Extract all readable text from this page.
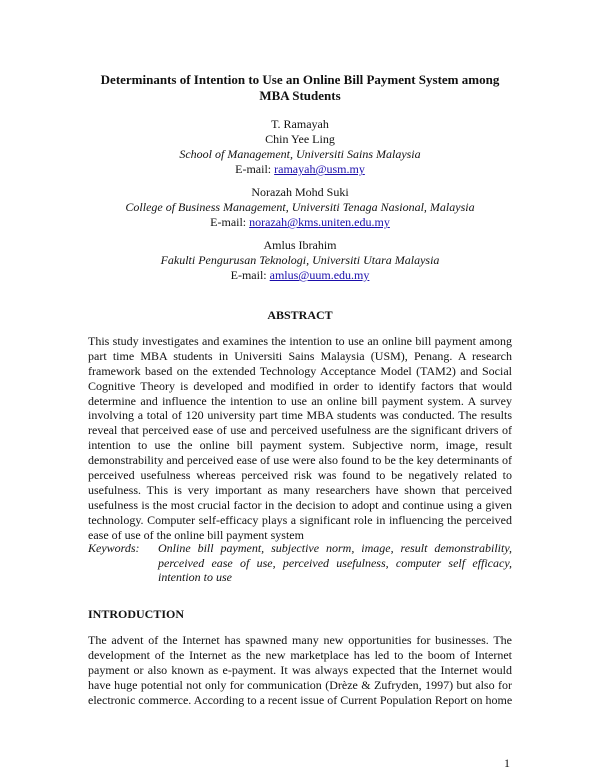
Determinants of Intention to Use an Online Bill Payment System among
MBA Students
T. Ramayah
Chin Yee Ling
School of Management, Universiti Sains Malaysia
E-mail: ramayah@usm.my
Norazah Mohd Suki
College of Business Management, Universiti Tenaga Nasional, Malaysia
E-mail: norazah@kms.uniten.edu.my
Amlus Ibrahim
Fakulti Pengurusan Teknologi, Universiti Utara Malaysia
E-mail: amlus@uum.edu.my
ABSTRACT
This study investigates and examines the intention to use an online bill payment among
part time MBA students in Universiti Sains Malaysia (USM), Penang. A research
framework based on the extended Technology Acceptance Model (TAM2) and Social
Cognitive Theory is developed and modified in order to identify factors that would
determine and influence the intention to use an online bill payment system. A survey
involving a total of 120 university part time MBA students was conducted. The results
reveal that perceived ease of use and perceived usefulness are the significant drivers of
intention to use the online bill payment system. Subjective norm, image, result
demonstrability and perceived ease of use were also found to be the key determinants of
perceived usefulness whereas perceived risk was found to be negatively related to
usefulness. This is very important as many researchers have shown that perceived
usefulness is the most crucial factor in the decision to adopt and continue using a given
technology. Computer self-efficacy plays a significant role in influencing the perceived
ease of use of the online bill payment system
Keywords: Online bill payment, subjective norm, image, result demonstrability,
perceived ease of use, perceived usefulness, computer self efficacy,
intention to use
INTRODUCTION
The advent of the Internet has spawned many new opportunities for businesses. The
development of the Internet as the new marketplace has led to the boom of Internet
payment or also known as e-payment. It was always expected that the Internet would
have huge potential not only for communication (Drèze & Zufryden, 1997) but also for
electronic commerce. According to a recent issue of Current Population Report on home
1
